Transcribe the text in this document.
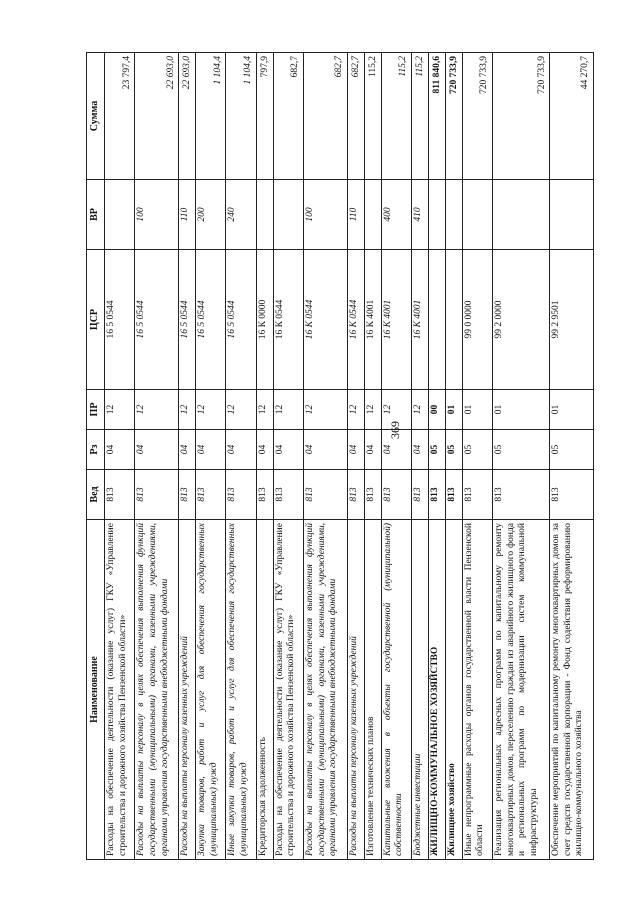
369
Наименование	Вед	Рз	ПР	ЦСР	ВР	Сумма
Расходы на обеспечение деятельности (оказание услуг) ГКУ «Управление строительства и дорожного хозяйства Пензенской области»	813	04	12	16 5 0544		23 797,4
Расходы на выплаты персоналу в целях обеспечения выполнения функций государственными (муниципальными) органами, казенными учреждениями, органами управления государственными внебюджетными фондами	813	04	12	16 5 0544	100	22 693,0
Расходы на выплаты персоналу казенных учреждений	813	04	12	16 5 0544	110	22 693,0
Закупка товаров, работ и услуг для обеспечения государственных (муниципальных) нужд	813	04	12	16 5 0544	200	1 104,4
Иные закупки товаров, работ и услуг для обеспечения государственных (муниципальных) нужд	813	04	12	16 5 0544	240	1 104,4
Кредиторская задолженность	813	04	12	16 К 0000		797,9
Расходы на обеспечение деятельности (оказание услуг) ГКУ «Управление строительства и дорожного хозяйства Пензенской области»	813	04	12	16 К 0544		682,7
Расходы на выплаты персоналу в целях обеспечения выполнения функций государственными (муниципальными) органами, казенными учреждениями, органами управления государственными внебюджетными фондами	813	04	12	16 К 0544	100	682,7
Расходы на выплаты персоналу казенных учреждений	813	04	12	16 К 0544	110	682,7
Изготовление технических планов	813	04	12	16 К 4001		115,2
Капитальные вложения в объекты государственной (муниципальной) собственности	813	04	12	16 К 4001	400	115,2
Бюджетные инвестиции	813	04	12	16 К 4001	410	115,2
ЖИЛИЩНО-КОММУНАЛЬНОЕ ХОЗЯЙСТВО	813	05	00			811 840,6
Жилищное хозяйство	813	05	01			720 733,9
Иные непрограммные расходы органов государственной власти Пензенской области	813	05	01	99 0 0000		720 733,9
Реализация региональных адресных программ по капитальному ремонту многоквартирных домов, переселению граждан из аварийного жилищного фонда и региональных программ по модернизации систем коммунальной инфраструктуры	813	05	01	99 2 0000		720 733,9
Обеспечение мероприятий по капитальному ремонту многоквартирных домов за счет средств государственной корпорации - Фонд содействия реформированию жилищно-коммунального хозяйства	813	05	01	99 2 9501		44 270,7
